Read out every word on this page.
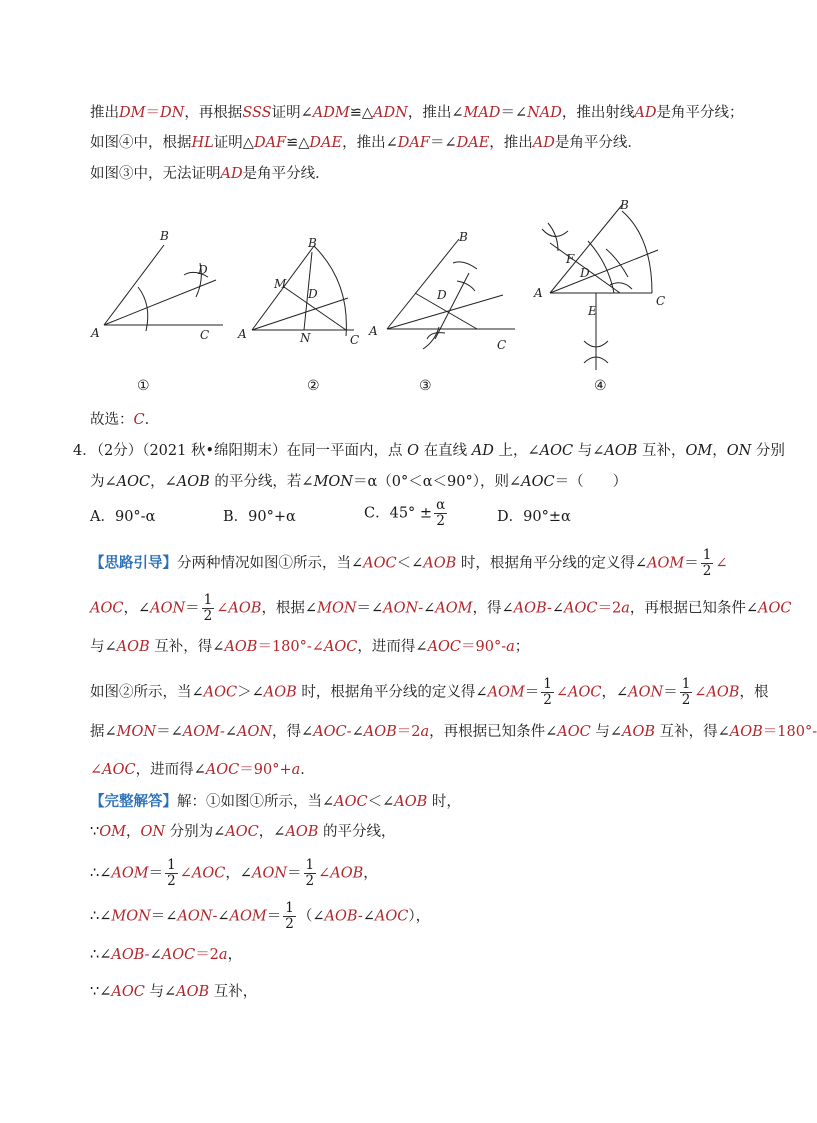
推出DM＝DN，再根据SSS证明∠ADM≌△ADN，推出∠MAD＝∠NAD，推出射线AD是角平分线；
如图④中，根据HL证明△DAF≌△DAE，推出∠DAF＝∠DAE，推出AD是角平分线．
如图③中，无法证明AD是角平分线．
A
B
C
D
①
A
B
C
D
M
N
②
A
B
C
D
③
A
B
C
D
E
F
④
故选：C．
4．（2分）（2021 秋•绵阳期末）在同一平面内，点 O 在直线 AD 上，∠AOC 与∠AOB 互补，OM，ON 分别
为∠AOC，∠AOB 的平分线，若∠MON＝α（0°＜α＜90°），则∠AOC＝（　　）
A．90°-α	B．90°+α	C．$45^\circ \pm \frac{\alpha}{2}$	D．90°±α
【思路引导】分两种情况如图①所示，当∠AOC＜∠AOB 时，根据角平分线的定义得∠AOM＝ $\frac{1}{2}$ ∠
AOC，∠AON＝ $\frac{1}{2}$ ∠AOB，根据∠MON＝∠AON-∠AOM，得∠AOB-∠AOC＝2a，再根据已知条件∠AOC
与∠AOB 互补，得∠AOB＝180°-∠AOC，进而得∠AOC＝90°-a；
如图②所示，当∠AOC＞∠AOB 时，根据角平分线的定义得∠AOM＝ $\frac{1}{2}$ ∠AOC，∠AON＝ $\frac{1}{2}$ ∠AOB，根
据∠MON＝∠AOM-∠AON，得∠AOC-∠AOB＝2a，再根据已知条件∠AOC 与∠AOB 互补，得∠AOB＝180°-
∠AOC，进而得∠AOC＝90°+a．
【完整解答】解：①如图①所示，当∠AOC＜∠AOB 时，
∵OM，ON 分别为∠AOC，∠AOB 的平分线，
∴∠AOM＝ $\frac{1}{2}$ ∠AOC，∠AON＝ $\frac{1}{2}$ ∠AOB，
∴∠MON＝∠AON-∠AOM＝ $\frac{1}{2}$ （∠AOB-∠AOC），
∴∠AOB-∠AOC＝2a，
∵∠AOC 与∠AOB 互补，
